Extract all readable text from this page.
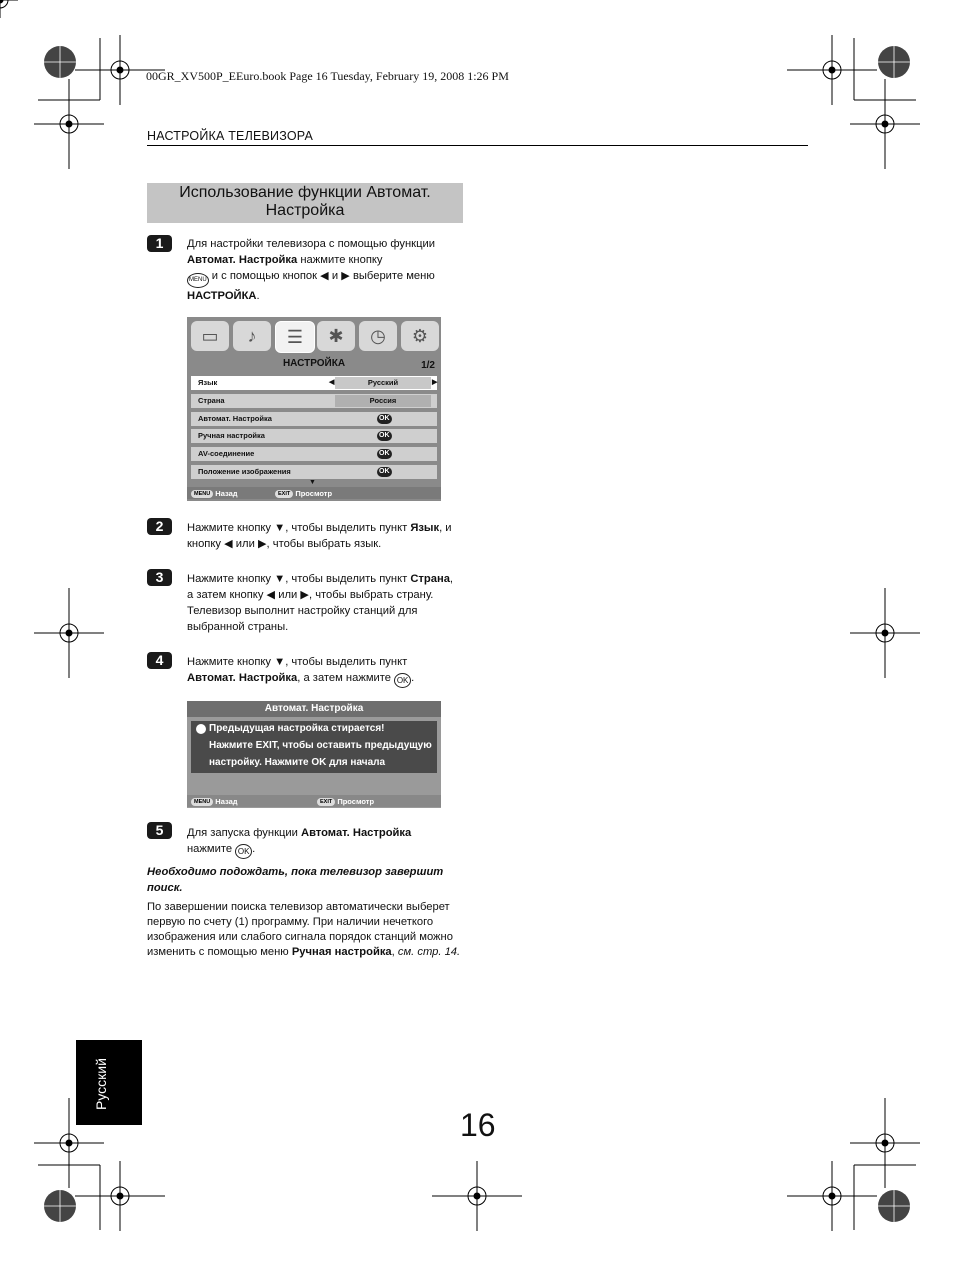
00GR_XV500P_EEuro.book Page 16 Tuesday, February 19, 2008 1:26 PM
НАСТРОЙКА ТЕЛЕВИЗОРА
Использование функции Автомат.
Настройка
1	Для настройки телевизора с помощью функции
Автомат. Настройка нажмите кнопку
MENU и с помощью кнопок ◀ и ▶ выберите меню
НАСТРОЙКА.
▭	♪	☰	✱	◷	⚙
НАСТРОЙКА	1/2
Язык	◀	Русский	▶
Страна	Россия
Автомат. Настройка	OK
Ручная настройка	OK
AV-соединение	OK
Положение изображения	OK
▼
MENU Назад	EXIT Просмотр
2	Нажмите кнопку ▼, чтобы выделить пункт Язык, и
кнопку ◀ или ▶, чтобы выбрать язык.
3	Нажмите кнопку ▼, чтобы выделить пункт Страна,
а затем кнопку ◀ или ▶, чтобы выбрать страну.
Телевизор выполнит настройку станций для
выбранной страны.
4	Нажмите кнопку ▼, чтобы выделить пункт
Автомат. Настройка, а затем нажмите OK .
Автомат. Настройка
Предыдущая настройка стирается!
Нажмите EXIT, чтобы оставить предыдущую
настройку. Нажмите OK для начала
MENU Назад	EXIT Просмотр
5	Для запуска функции Автомат. Настройка
нажмите OK .
Необходимо подождать, пока телевизор завершит
поиск.
По завершении поиска телевизор автоматически выберет
первую по счету (1) программу. При наличии нечеткого
изображения или слабого сигнала порядок станций можно
изменить с помощью меню Ручная настройка, см. стр. 14.
Русский
16
